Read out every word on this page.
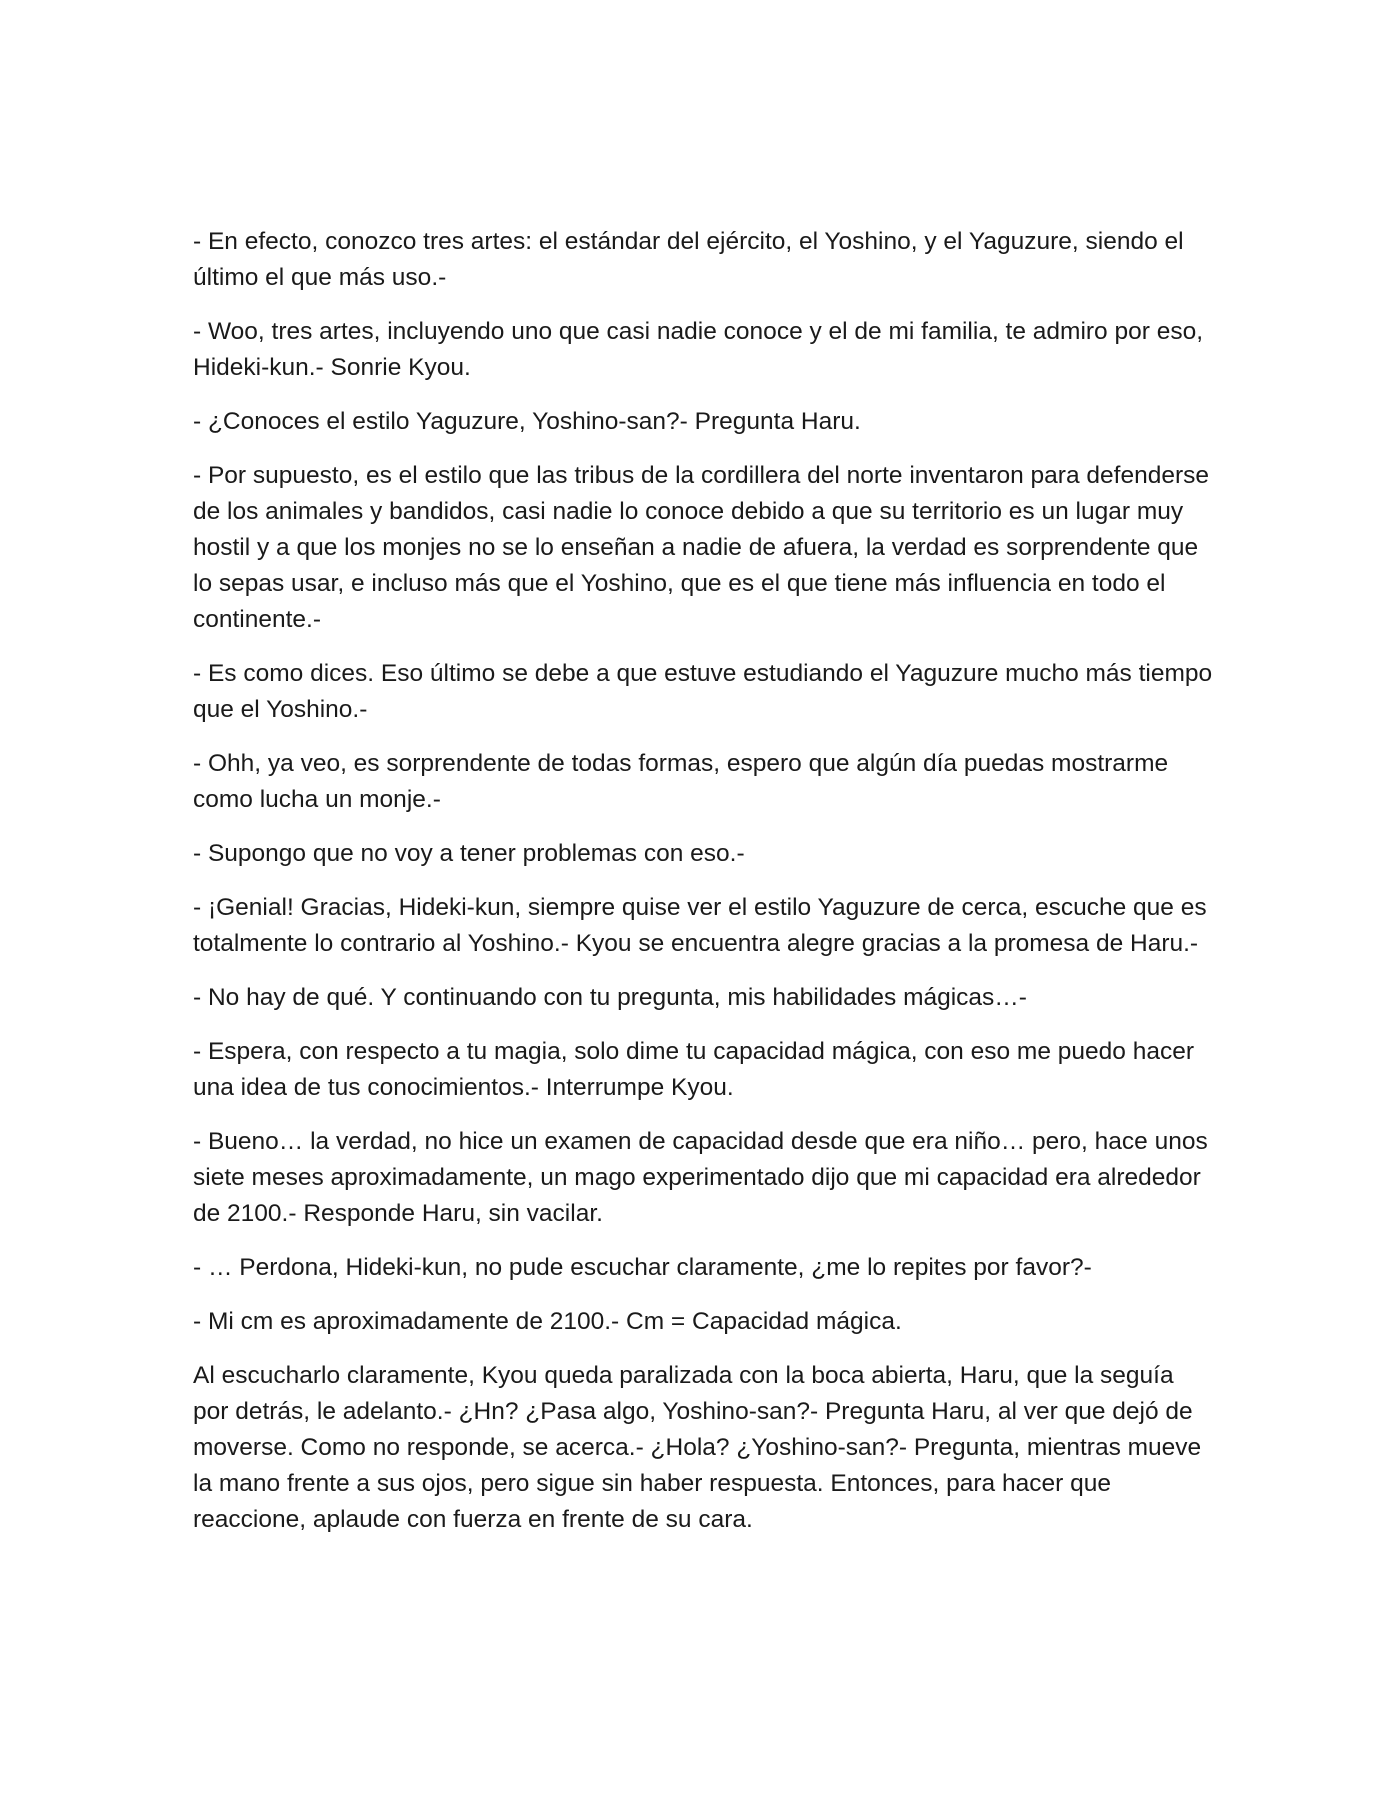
- En efecto, conozco tres artes: el estándar del ejército, el Yoshino, y el Yaguzure, siendo el último el que más uso.-

- Woo, tres artes, incluyendo uno que casi nadie conoce y el de mi familia, te admiro por eso, Hideki-kun.- Sonrie Kyou.

- ¿Conoces el estilo Yaguzure, Yoshino-san?- Pregunta Haru.

- Por supuesto, es el estilo que las tribus de la cordillera del norte inventaron para defenderse de los animales y bandidos, casi nadie lo conoce debido a que su territorio es un lugar muy hostil y a que los monjes no se lo enseñan a nadie de afuera, la verdad es sorprendente que lo sepas usar, e incluso más que el Yoshino, que es el que tiene más influencia en todo el continente.-

- Es como dices. Eso último se debe a que estuve estudiando el Yaguzure mucho más tiempo que el Yoshino.-

- Ohh, ya veo, es sorprendente de todas formas, espero que algún día puedas mostrarme como lucha un monje.-

- Supongo que no voy a tener problemas con eso.-

- ¡Genial! Gracias, Hideki-kun, siempre quise ver el estilo Yaguzure de cerca, escuche que es totalmente lo contrario al Yoshino.- Kyou se encuentra alegre gracias a la promesa de Haru.-

- No hay de qué. Y continuando con tu pregunta, mis habilidades mágicas…-

- Espera, con respecto a tu magia, solo dime tu capacidad mágica, con eso me puedo hacer una idea de tus conocimientos.- Interrumpe Kyou.

- Bueno… la verdad, no hice un examen de capacidad desde que era niño… pero, hace unos siete meses aproximadamente, un mago experimentado dijo que mi capacidad era alrededor de 2100.- Responde Haru, sin vacilar.

- … Perdona, Hideki-kun, no pude escuchar claramente, ¿me lo repites por favor?-

- Mi cm es aproximadamente de 2100.- Cm = Capacidad mágica.

Al escucharlo claramente, Kyou queda paralizada con la boca abierta, Haru, que la seguía por detrás, le adelanto.- ¿Hn? ¿Pasa algo, Yoshino-san?- Pregunta Haru, al ver que dejó de moverse. Como no responde, se acerca.- ¿Hola? ¿Yoshino-san?- Pregunta, mientras mueve la mano frente a sus ojos, pero sigue sin haber respuesta. Entonces, para hacer que reaccione, aplaude con fuerza en frente de su cara.
